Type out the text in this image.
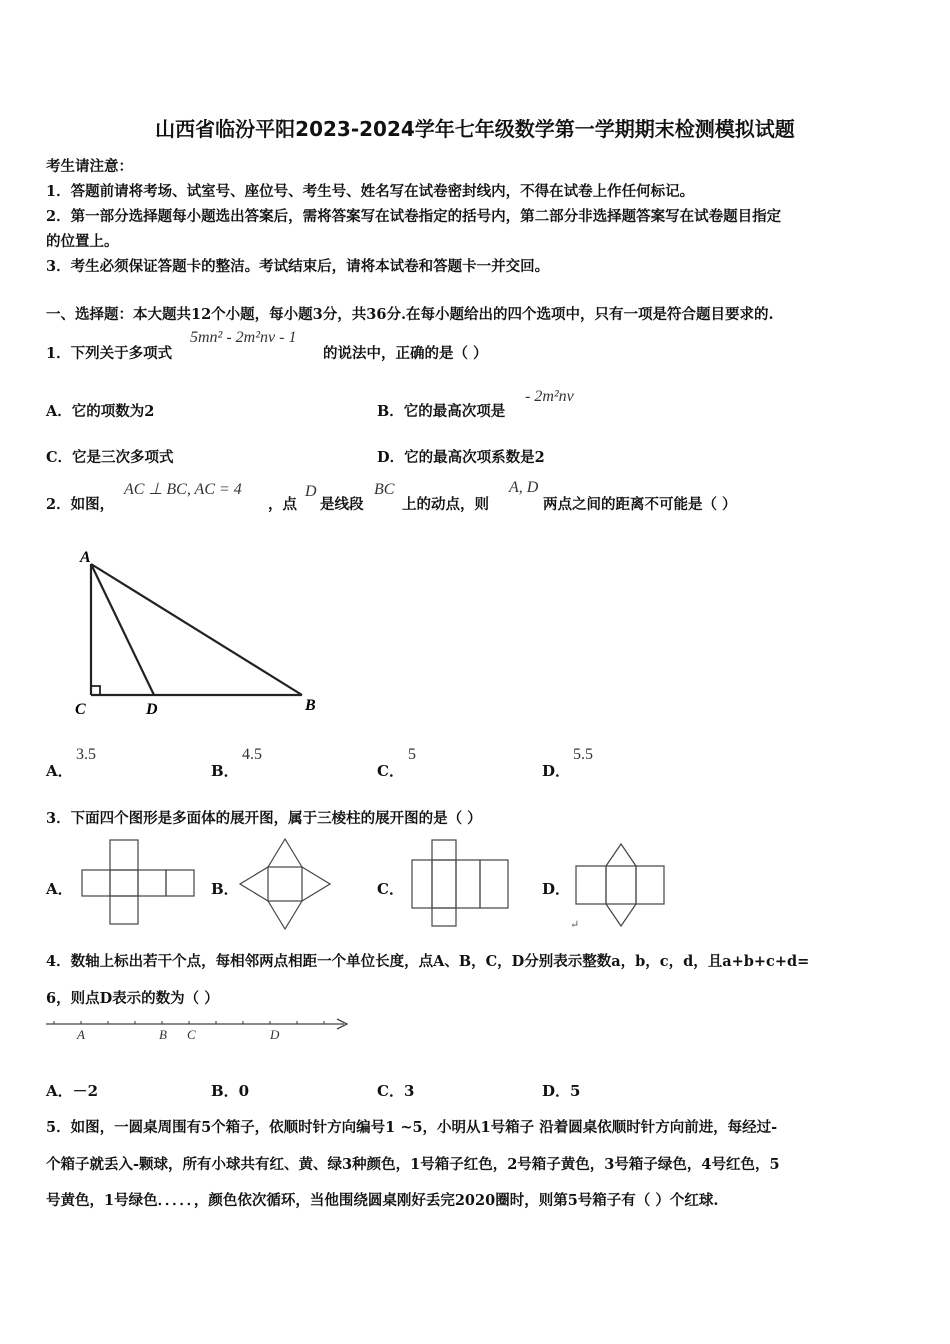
山西省临汾平阳2023-2024学年七年级数学第一学期期末检测模拟试题
考生请注意：
1．答题前请将考场、试室号、座位号、考生号、姓名写在试卷密封线内，不得在试卷上作任何标记。
2．第一部分选择题每小题选出答案后，需将答案写在试卷指定的括号内，第二部分非选择题答案写在试卷题目指定
的位置上。
3．考生必须保证答题卡的整洁。考试结束后，请将本试卷和答题卡一并交回。
一、选择题：本大题共12个小题，每小题3分，共36分.在每小题给出的四个选项中，只有一项是符合题目要求的.
1．下列关于多项式
5mn² - 2m²nv - 1
的说法中，正确的是（ ）
A．它的项数为2	B．它的最高次项是
- 2m²nv
C．它是三次多项式	D．它的最高次项系数是2
2．如图，
AC ⊥ BC, AC = 4
，点
D
是线段
BC
上的动点，则
A, D
两点之间的距离不可能是（ ）
A
C	D	B
A．
3.5
B．
4.5
C．
5
D．
5.5
3．下面四个图形是多面体的展开图，属于三棱柱的展开图的是（ ）
A．	B．	C．	D．
↵
4．数轴上标出若干个点，每相邻两点相距一个单位长度，点A、B，C，D分别表示整数a，b，c，d，且a+b+c+d=
6，则点D表示的数为（ ）
A	B C	D
A．－2	B．0	C．3	D．5
5．如图，一圆桌周围有5个箱子，依顺时针方向编号1 ~5，小明从1号箱子 沿着圆桌依顺时针方向前进，每经过-
个箱子就丢入-颗球，所有小球共有红、黄、绿3种颜色，1号箱子红色，2号箱子黄色，3号箱子绿色，4号红色，5
号黄色，1号绿色．．．．．，颜色依次循环，当他围绕圆桌刚好丢完2020圈时，则第5号箱子有（ ）个红球.
